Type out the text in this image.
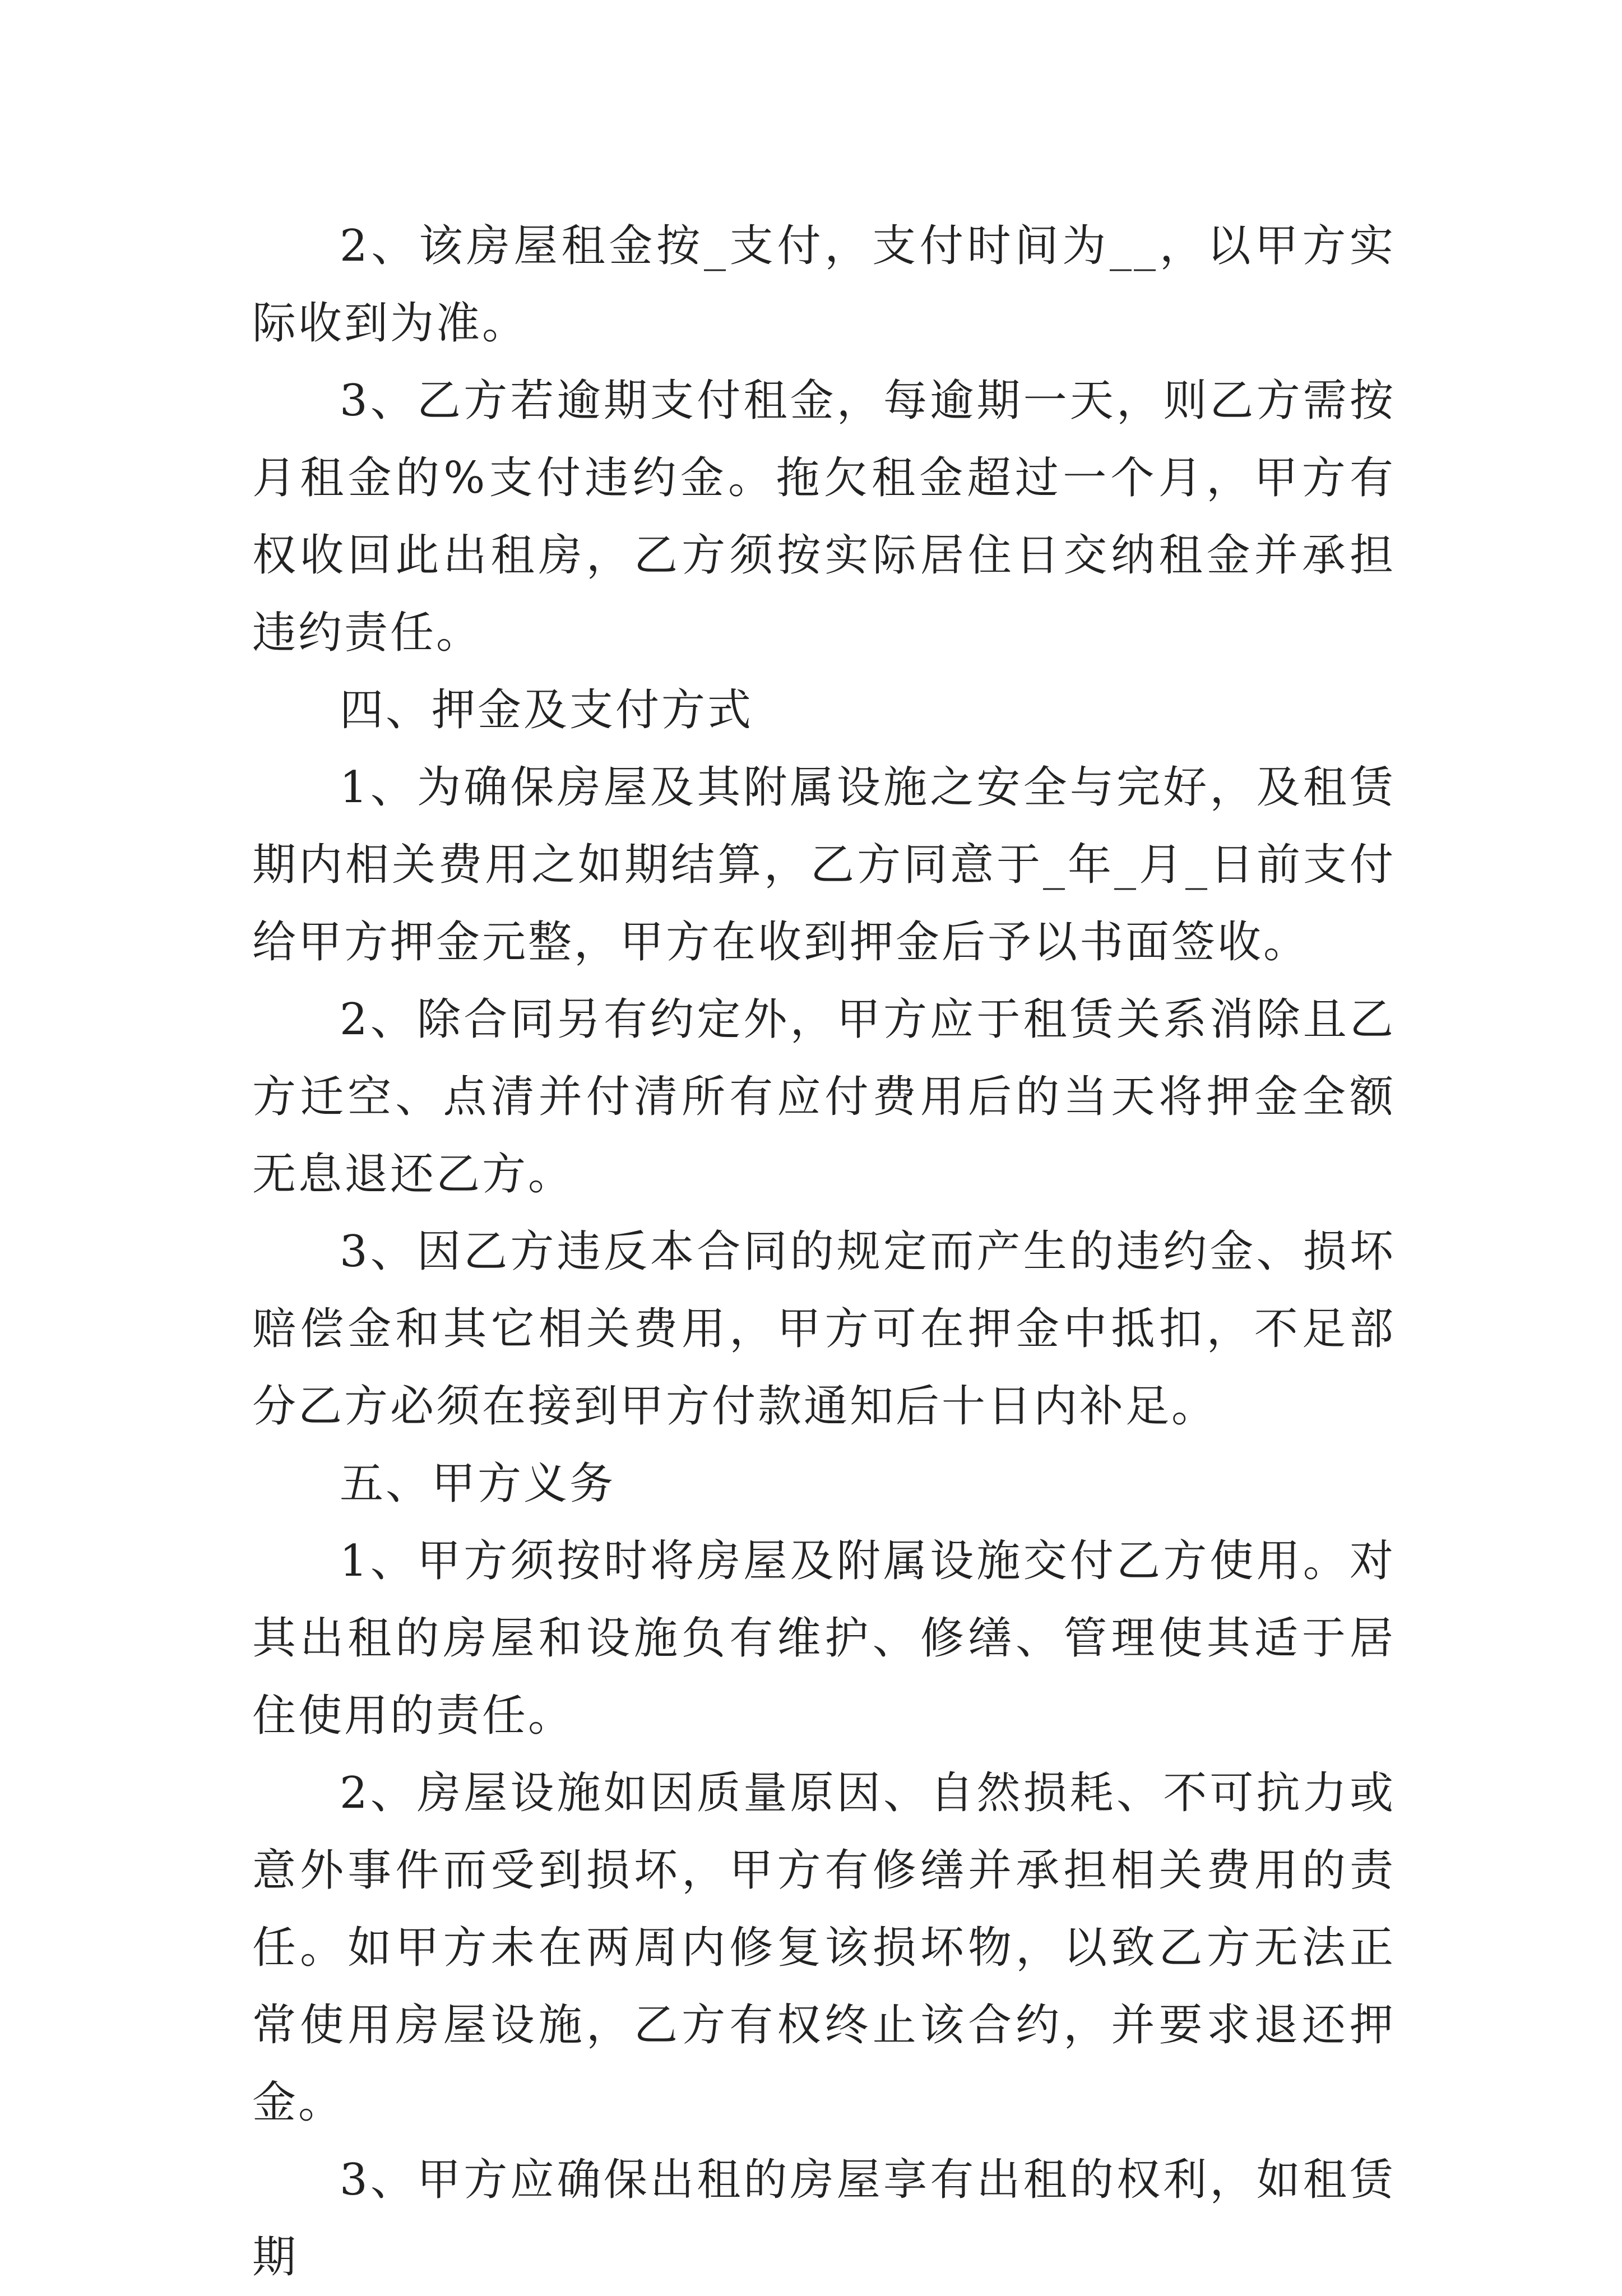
2、该房屋租金按_支付，支付时间为__，以甲方实际收到为准。

3、乙方若逾期支付租金，每逾期一天，则乙方需按月租金的%支付违约金。拖欠租金超过一个月，甲方有权收回此出租房，乙方须按实际居住日交纳租金并承担违约责任。

四、押金及支付方式

1、为确保房屋及其附属设施之安全与完好，及租赁期内相关费用之如期结算，乙方同意于_年_月_日前支付给甲方押金元整，甲方在收到押金后予以书面签收。

2、除合同另有约定外，甲方应于租赁关系消除且乙方迁空、点清并付清所有应付费用后的当天将押金全额无息退还乙方。

3、因乙方违反本合同的规定而产生的违约金、损坏赔偿金和其它相关费用，甲方可在押金中抵扣，不足部分乙方必须在接到甲方付款通知后十日内补足。

五、甲方义务

1、甲方须按时将房屋及附属设施交付乙方使用。对其出租的房屋和设施负有维护、修缮、管理使其适于居住使用的责任。

2、房屋设施如因质量原因、自然损耗、不可抗力或意外事件而受到损坏，甲方有修缮并承担相关费用的责任。如甲方未在两周内修复该损坏物，以致乙方无法正常使用房屋设施，乙方有权终止该合约，并要求退还押金。

3、甲方应确保出租的房屋享有出租的权利，如租赁期
